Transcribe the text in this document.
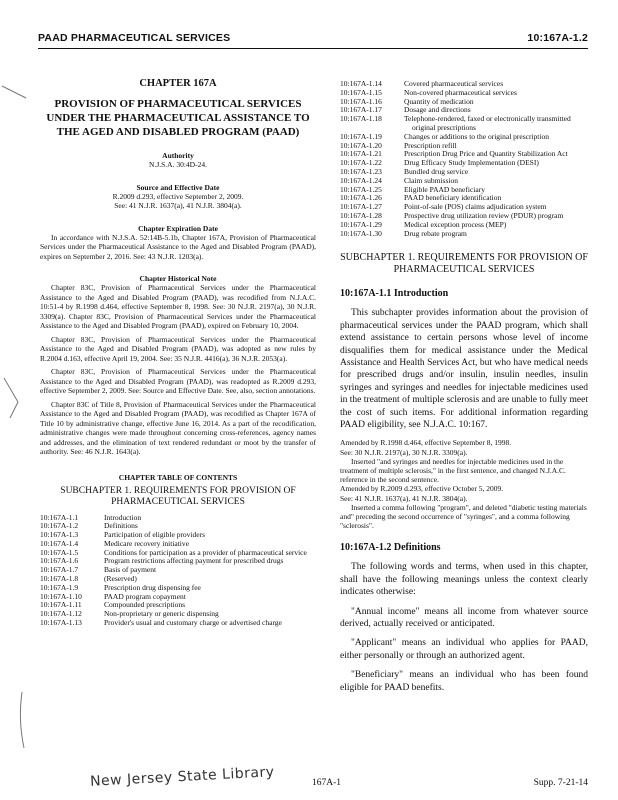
PAAD PHARMACEUTICAL SERVICES	10:167A-1.2
CHAPTER 167A
PROVISION OF PHARMACEUTICAL SERVICES UNDER THE PHARMACEUTICAL ASSISTANCE TO THE AGED AND DISABLED PROGRAM (PAAD)
Authority
N.J.S.A. 30:4D-24.
Source and Effective Date
R.2009 d.293, effective September 2, 2009.
See: 41 N.J.R. 1637(a), 41 N.J.R. 3804(a).
Chapter Expiration Date
In accordance with N.J.S.A. 52:14B-5.1b, Chapter 167A, Provision of Pharmaceutical Services under the Pharmaceutical Assistance to the Aged and Disabled Program (PAAD), expires on September 2, 2016. See: 43 N.J.R. 1203(a).
Chapter Historical Note
Chapter 83C, Provision of Pharmaceutical Services under the Pharmaceutical Assistance to the Aged and Disabled Program (PAAD), was recodified from N.J.A.C. 10:51-4 by R.1998 d.464, effective September 8, 1998. See: 30 N.J.R. 2197(a), 30 N.J.R. 3309(a). Chapter 83C, Provision of Pharmaceutical Services under the Pharmaceutical Assistance to the Aged and Disabled Program (PAAD), expired on February 10, 2004.
Chapter 83C, Provision of Pharmaceutical Services under the Pharmaceutical Assistance to the Aged and Disabled Program (PAAD), was adopted as new rules by R.2004 d.163, effective April 19, 2004. See: 35 N.J.R. 4416(a), 36 N.J.R. 2053(a).
Chapter 83C, Provision of Pharmaceutical Services under the Pharmaceutical Assistance to the Aged and Disabled Program (PAAD), was readopted as R.2009 d.293, effective September 2, 2009. See: Source and Effective Date. See, also, section annotations.
Chapter 83C of Title 8, Provision of Pharmaceutical Services under the Pharmaceutical Assistance to the Aged and Disabled Program (PAAD), was recodified as Chapter 167A of Title 10 by administrative change, effective June 16, 2014. As a part of the recodification, administrative changes were made throughout concerning cross-references, agency names and addresses, and the elimination of text rendered redundant or moot by the transfer of authority. See: 46 N.J.R. 1643(a).
CHAPTER TABLE OF CONTENTS
SUBCHAPTER 1. REQUIREMENTS FOR PROVISION OF PHARMACEUTICAL SERVICES
10:167A-1.1	Introduction
10:167A-1.2	Definitions
10:167A-1.3	Participation of eligible providers
10:167A-1.4	Medicare recovery initiative
10:167A-1.5	Conditions for participation as a provider of pharmaceutical service
10:167A-1.6	Program restrictions affecting payment for prescribed drugs
10:167A-1.7	Basis of payment
10:167A-1.8	(Reserved)
10:167A-1.9	Prescription drug dispensing fee
10:167A-1.10	PAAD program copayment
10:167A-1.11	Compounded prescriptions
10:167A-1.12	Non-proprietary or generic dispensing
10:167A-1.13	Provider's usual and customary charge or advertised charge
10:167A-1.14	Covered pharmaceutical services
10:167A-1.15	Non-covered pharmaceutical services
10:167A-1.16	Quantity of medication
10:167A-1.17	Dosage and directions
10:167A-1.18	Telephone-rendered, faxed or electronically transmitted original prescriptions
10:167A-1.19	Changes or additions to the original prescription
10:167A-1.20	Prescription refill
10:167A-1.21	Prescription Drug Price and Quantity Stabilization Act
10:167A-1.22	Drug Efficacy Study Implementation (DESI)
10:167A-1.23	Bundled drug service
10:167A-1.24	Claim submission
10:167A-1.25	Eligible PAAD beneficiary
10:167A-1.26	PAAD beneficiary identification
10:167A-1.27	Point-of-sale (POS) claims adjudication system
10:167A-1.28	Prospective drug utilization review (PDUR) program
10:167A-1.29	Medical exception process (MEP)
10:167A-1.30	Drug rebate program
SUBCHAPTER 1. REQUIREMENTS FOR PROVISION OF PHARMACEUTICAL SERVICES
10:167A-1.1 Introduction
This subchapter provides information about the provision of pharmaceutical services under the PAAD program, which shall extend assistance to certain persons whose level of income disqualifies them for medical assistance under the Medical Assistance and Health Services Act, but who have medical needs for prescribed drugs and/or insulin, insulin needles, insulin syringes and syringes and needles for injectable medicines used in the treatment of multiple sclerosis and are unable to fully meet the cost of such items. For additional information regarding PAAD eligibility, see N.J.A.C. 10:167.
Amended by R.1998 d.464, effective September 8, 1998.
See: 30 N.J.R. 2197(a), 30 N.J.R. 3309(a).
Inserted "and syringes and needles for injectable medicines used in the treatment of multiple sclerosis," in the first sentence, and changed N.J.A.C. reference in the second sentence.
Amended by R.2009 d.293, effective October 5, 2009.
See: 41 N.J.R. 1637(a), 41 N.J.R. 3804(a).
Inserted a comma following "program", and deleted "diabetic testing materials and" preceding the second occurrence of "syringes", and a comma following "sclerosis".
10:167A-1.2 Definitions
The following words and terms, when used in this chapter, shall have the following meanings unless the context clearly indicates otherwise:
"Annual income" means all income from whatever source derived, actually received or anticipated.
"Applicant" means an individual who applies for PAAD, either personally or through an authorized agent.
"Beneficiary" means an individual who has been found eligible for PAAD benefits.
New Jersey State Library	167A-1	Supp. 7-21-14
